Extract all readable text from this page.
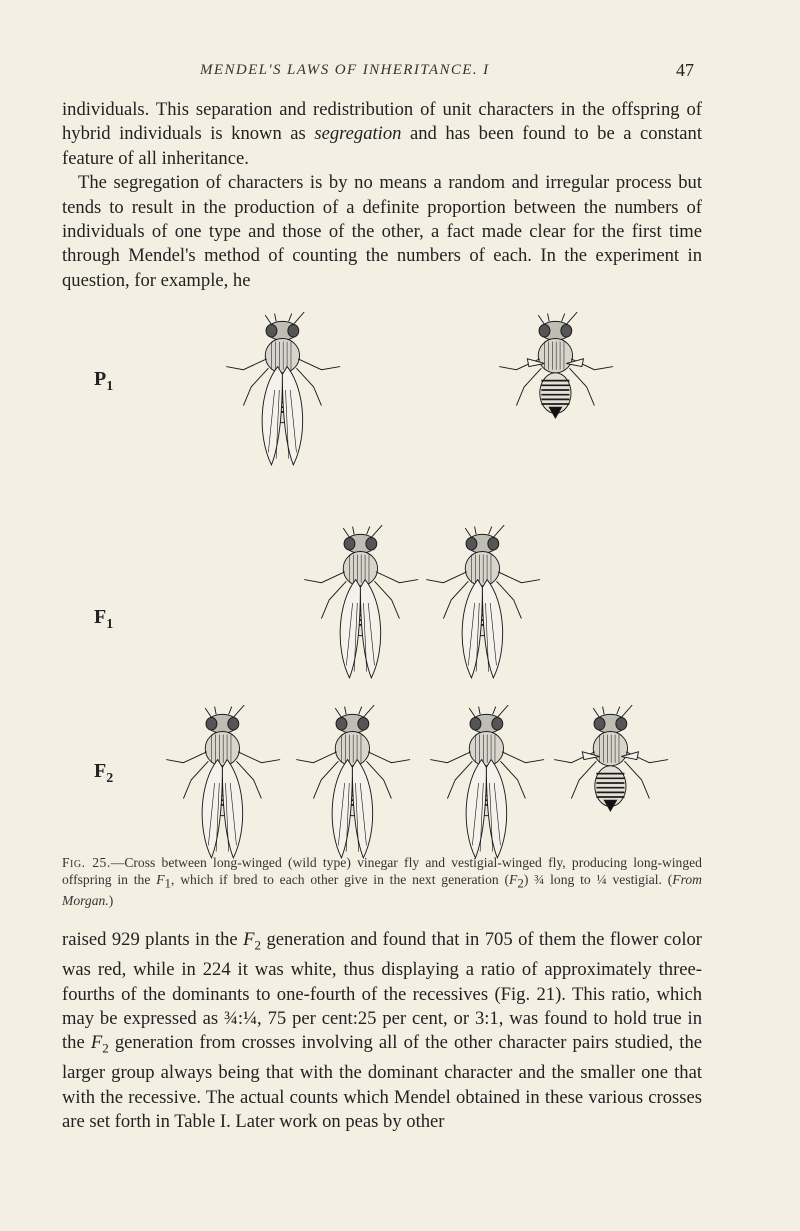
MENDEL'S LAWS OF INHERITANCE. I	47

individuals. This separation and redistribution of unit characters in the offspring of hybrid individuals is known as segregation and has been found to be a constant feature of all inheritance.

The segregation of characters is by no means a random and irregular process but tends to result in the production of a definite proportion between the numbers of individuals of one type and those of the other, a fact made clear for the first time through Mendel's method of counting the numbers of each. In the experiment in question, for example, he

$P_1$
$F_1$
$F_2$
Fig. 25.—Cross between long-winged (wild type) vinegar fly and vestigial-winged fly, producing long-winged offspring in the F1, which if bred to each other give in the next generation (F2) ¾ long to ¼ vestigial. (From Morgan.)

raised 929 plants in the $F_2$ generation and found that in 705 of them the flower color was red, while in 224 it was white, thus displaying a ratio of approximately three-fourths of the dominants to one-fourth of the recessives (Fig. 21). This ratio, which may be expressed as ¾:¼, 75 per cent:25 per cent, or 3:1, was found to hold true in the $F_2$ generation from crosses involving all of the other character pairs studied, the larger group always being that with the dominant character and the smaller one that with the recessive. The actual counts which Mendel obtained in these various crosses are set forth in Table I. Later work on peas by other
